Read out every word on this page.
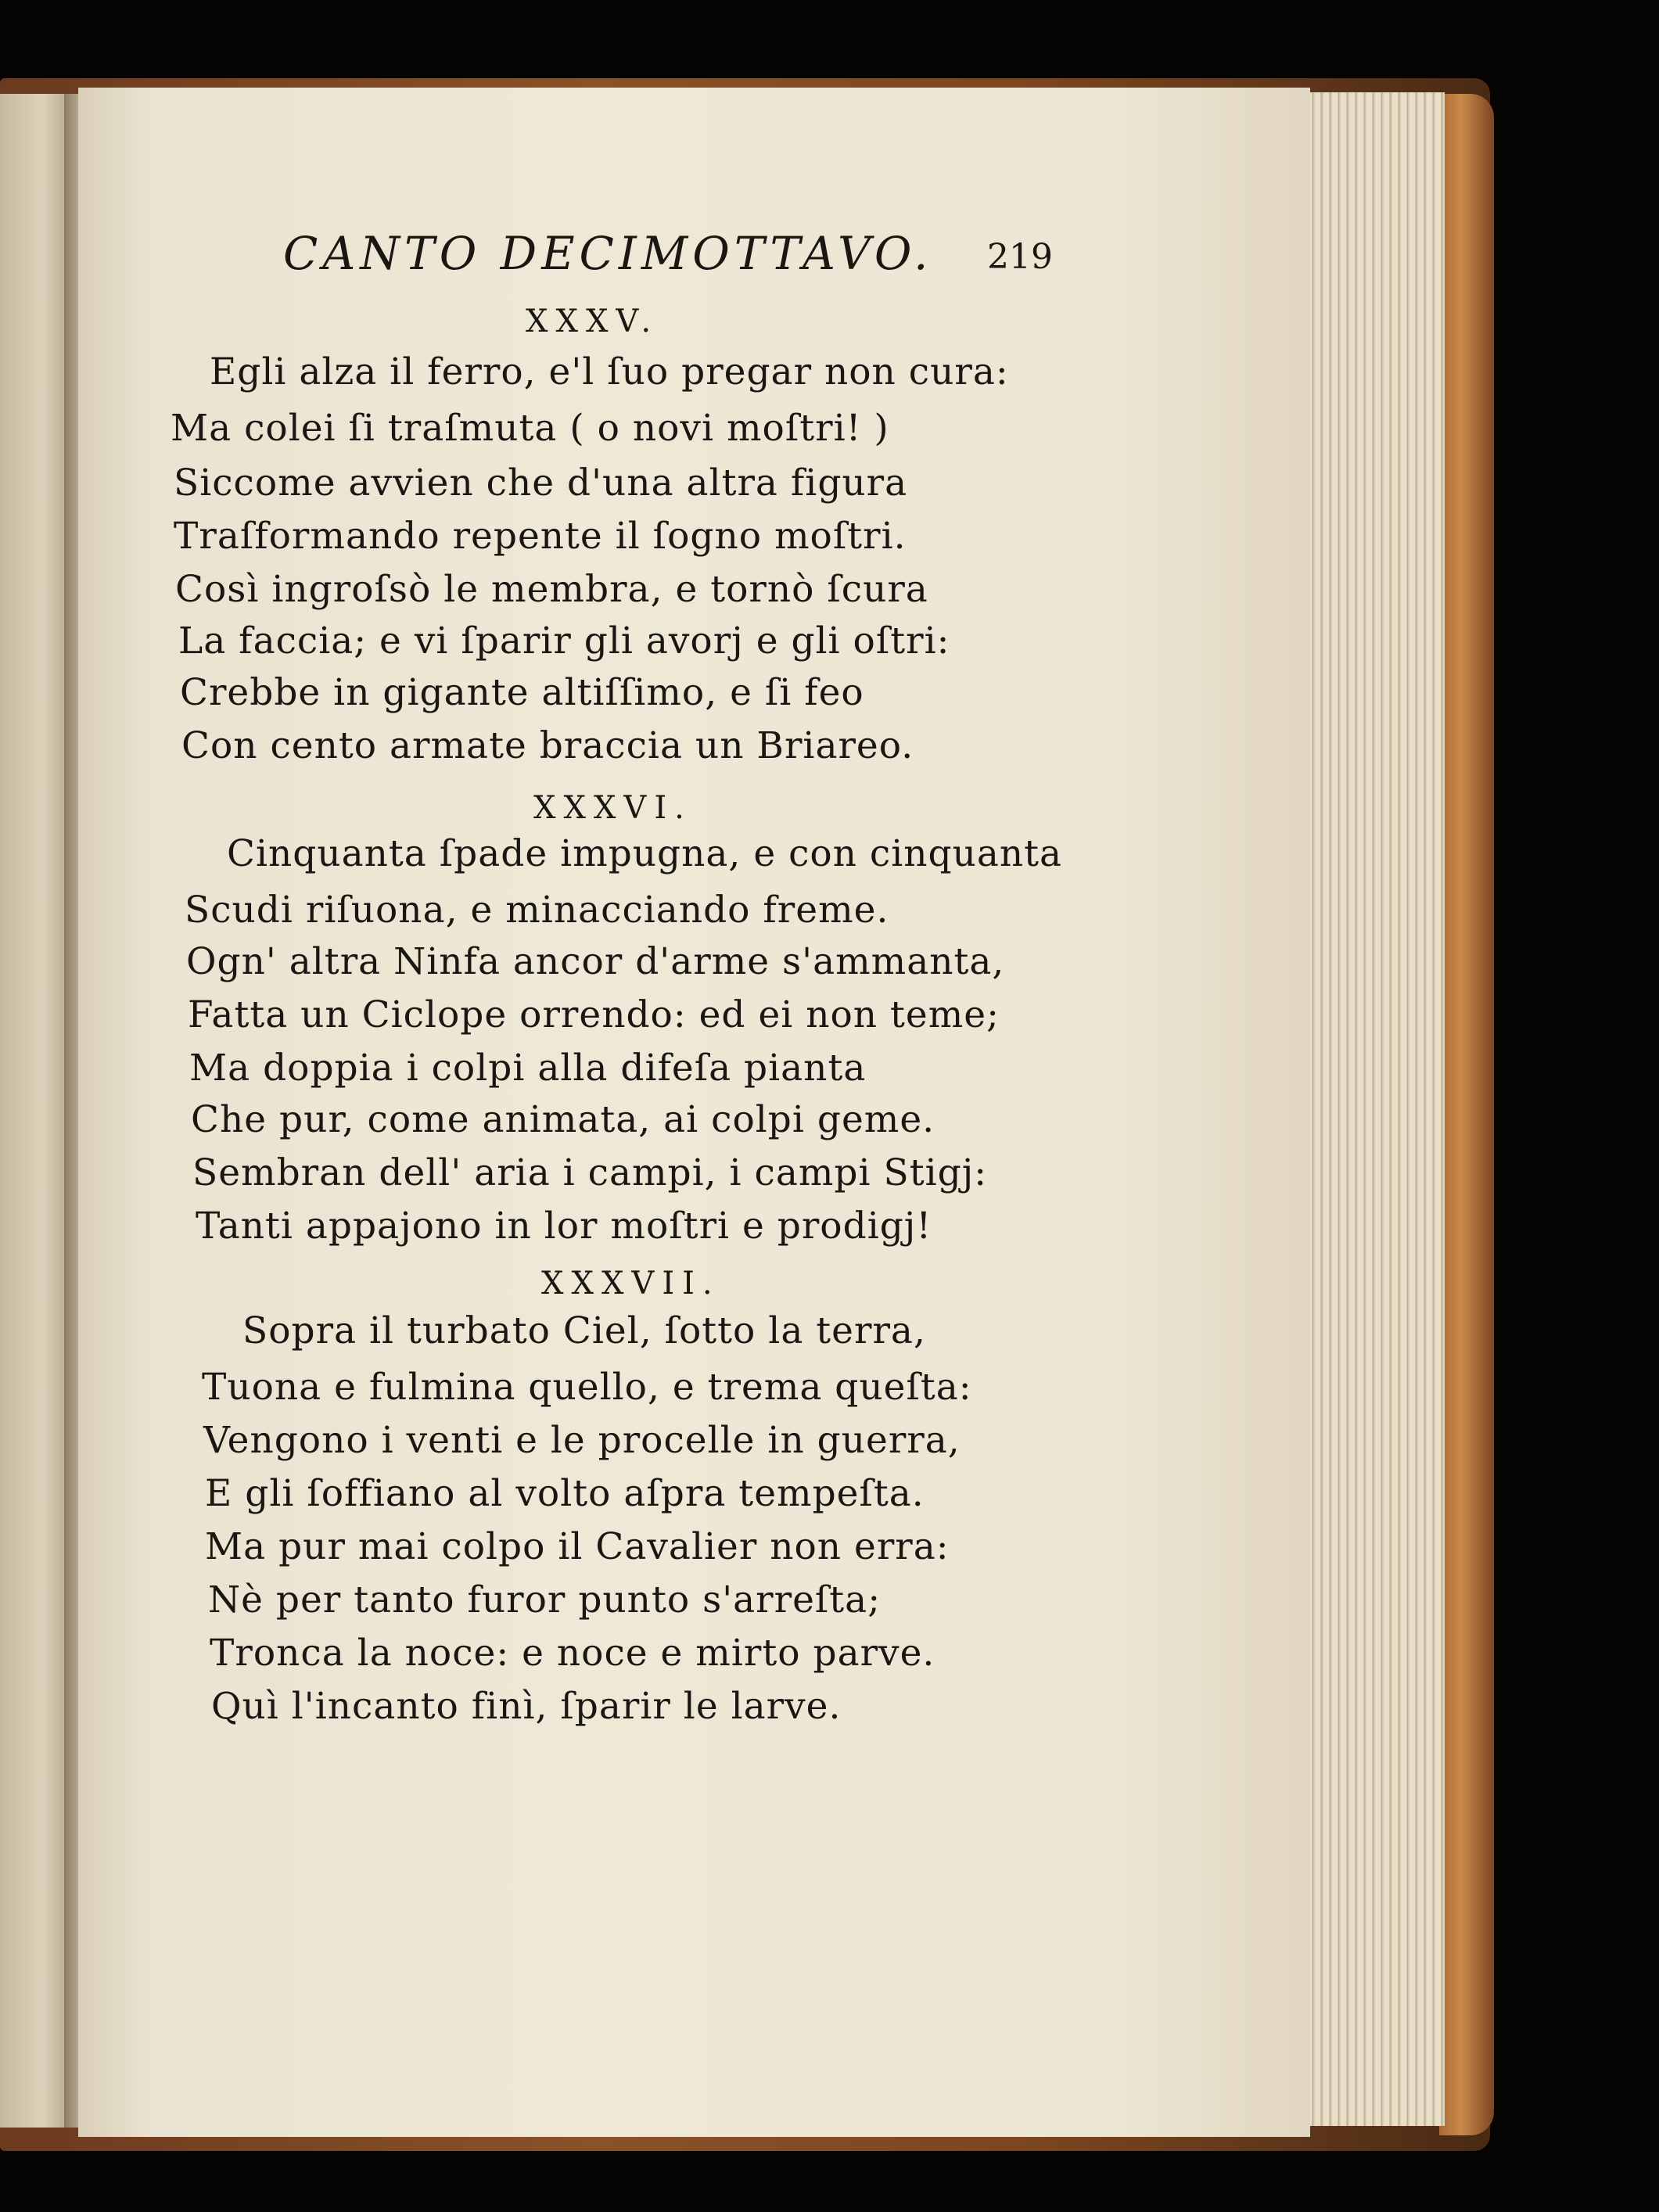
CANTO DECIMOTTAVO. 219
XXXV.
Egli alza il ferro, e'l ſuo pregar non cura:
Ma colei ſi traſmuta ( o novi moſtri! )
Siccome avvien che d'una altra figura
Traſformando repente il ſogno moſtri.
Così ingroſsò le membra, e tornò ſcura
La faccia; e vi ſparir gli avorj e gli oſtri:
Crebbe in gigante altiſſimo, e ſi feo
Con cento armate braccia un Briareo.
XXXVI.
Cinquanta ſpade impugna, e con cinquanta
Scudi riſuona, e minacciando freme.
Ogn' altra Ninfa ancor d'arme s'ammanta,
Fatta un Ciclope orrendo: ed ei non teme;
Ma doppia i colpi alla difeſa pianta
Che pur, come animata, ai colpi geme.
Sembran dell' aria i campi, i campi Stigj:
Tanti appajono in lor moſtri e prodigj!
XXXVII.
Sopra il turbato Ciel, ſotto la terra,
Tuona e fulmina quello, e trema queſta:
Vengono i venti e le procelle in guerra,
E gli ſoffiano al volto aſpra tempeſta.
Ma pur mai colpo il Cavalier non erra:
Nè per tanto furor punto s'arreſta;
Tronca la noce: e noce e mirto parve.
Quì l'incanto finì, ſparir le larve.
